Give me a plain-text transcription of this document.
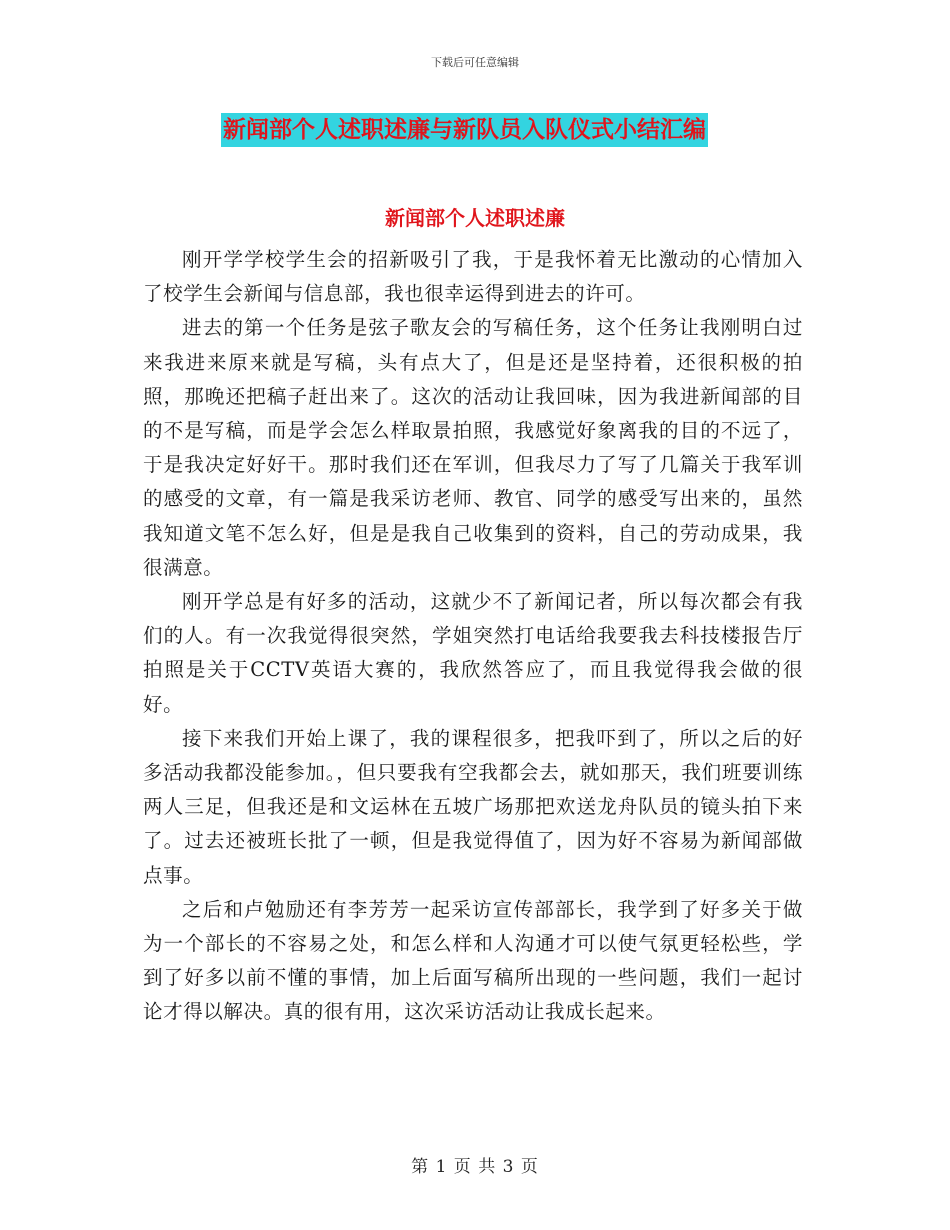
下载后可任意编辑
新闻部个人述职述廉与新队员入队仪式小结汇编
新闻部个人述职述廉

刚开学学校学生会的招新吸引了我，于是我怀着无比激动的心情加入了校学生会新闻与信息部，我也很幸运得到进去的许可。

进去的第一个任务是弦子歌友会的写稿任务，这个任务让我刚明白过来我进来原来就是写稿，头有点大了，但是还是坚持着，还很积极的拍照，那晚还把稿子赶出来了。这次的活动让我回味，因为我进新闻部的目的不是写稿，而是学会怎么样取景拍照，我感觉好象离我的目的不远了，于是我决定好好干。那时我们还在军训，但我尽力了写了几篇关于我军训的感受的文章，有一篇是我采访老师、教官、同学的感受写出来的，虽然我知道文笔不怎么好，但是是我自己收集到的资料，自己的劳动成果，我很满意。

刚开学总是有好多的活动，这就少不了新闻记者，所以每次都会有我们的人。有一次我觉得很突然，学姐突然打电话给我要我去科技楼报告厅拍照是关于CCTV英语大赛的，我欣然答应了，而且我觉得我会做的很好。

接下来我们开始上课了，我的课程很多，把我吓到了，所以之后的好多活动我都没能参加。，但只要我有空我都会去，就如那天，我们班要训练两人三足，但我还是和文运林在五坡广场那把欢送龙舟队员的镜头拍下来了。过去还被班长批了一顿，但是我觉得值了，因为好不容易为新闻部做点事。

之后和卢勉励还有李芳芳一起采访宣传部部长，我学到了好多关于做为一个部长的不容易之处，和怎么样和人沟通才可以使气氛更轻松些，学到了好多以前不懂的事情，加上后面写稿所出现的一些问题，我们一起讨论才得以解决。真的很有用，这次采访活动让我成长起来。

第 1 页 共 3 页
